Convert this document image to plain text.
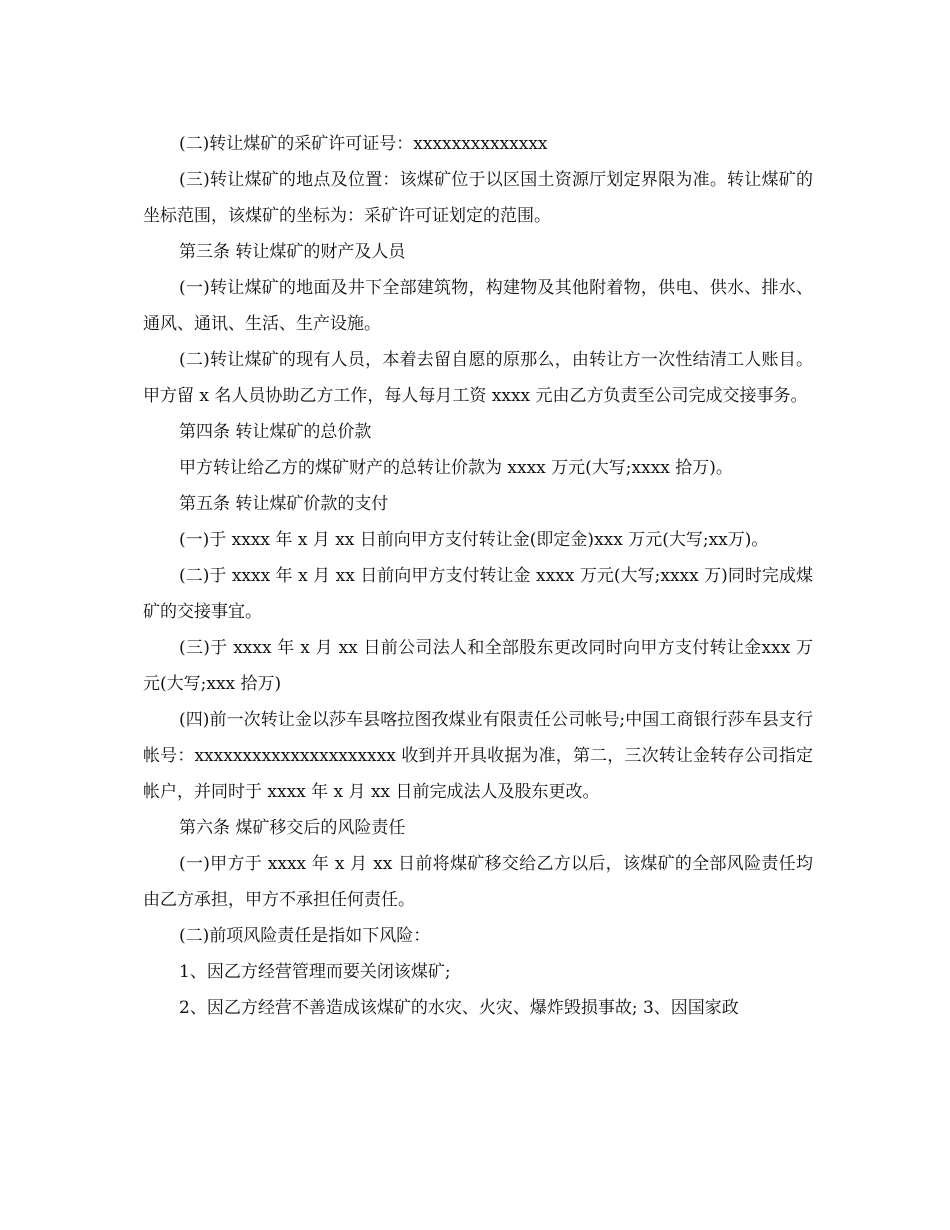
(二)转让煤矿的采矿许可证号：xxxxxxxxxxxxxx

(三)转让煤矿的地点及位置：该煤矿位于以区国土资源厅划定界限为准。转让煤矿的坐标范围，该煤矿的坐标为：采矿许可证划定的范围。

第三条 转让煤矿的财产及人员

(一)转让煤矿的地面及井下全部建筑物，构建物及其他附着物，供电、供水、排水、通风、通讯、生活、生产设施。

(二)转让煤矿的现有人员，本着去留自愿的原那么，由转让方一次性结清工人账目。甲方留 x 名人员协助乙方工作，每人每月工资 xxxx 元由乙方负责至公司完成交接事务。

第四条 转让煤矿的总价款

甲方转让给乙方的煤矿财产的总转让价款为 xxxx 万元(大写;xxxx 拾万)。

第五条 转让煤矿价款的支付

(一)于 xxxx 年 x 月 xx 日前向甲方支付转让金(即定金)xxx 万元(大写;xx万)。

(二)于 xxxx 年 x 月 xx 日前向甲方支付转让金 xxxx 万元(大写;xxxx 万)同时完成煤矿的交接事宜。

(三)于 xxxx 年 x 月 xx 日前公司法人和全部股东更改同时向甲方支付转让金xxx 万元(大写;xxx 拾万)

(四)前一次转让金以莎车县喀拉图孜煤业有限责任公司帐号;中国工商银行莎车县支行帐号：xxxxxxxxxxxxxxxxxxxxx 收到并开具收据为准，第二，三次转让金转存公司指定帐户，并同时于 xxxx 年 x 月 xx 日前完成法人及股东更改。

第六条 煤矿移交后的风险责任

(一)甲方于 xxxx 年 x 月 xx 日前将煤矿移交给乙方以后，该煤矿的全部风险责任均由乙方承担，甲方不承担任何责任。

(二)前项风险责任是指如下风险：

1、因乙方经营管理而要关闭该煤矿;

2、因乙方经营不善造成该煤矿的水灾、火灾、爆炸毁损事故; 3、因国家政
